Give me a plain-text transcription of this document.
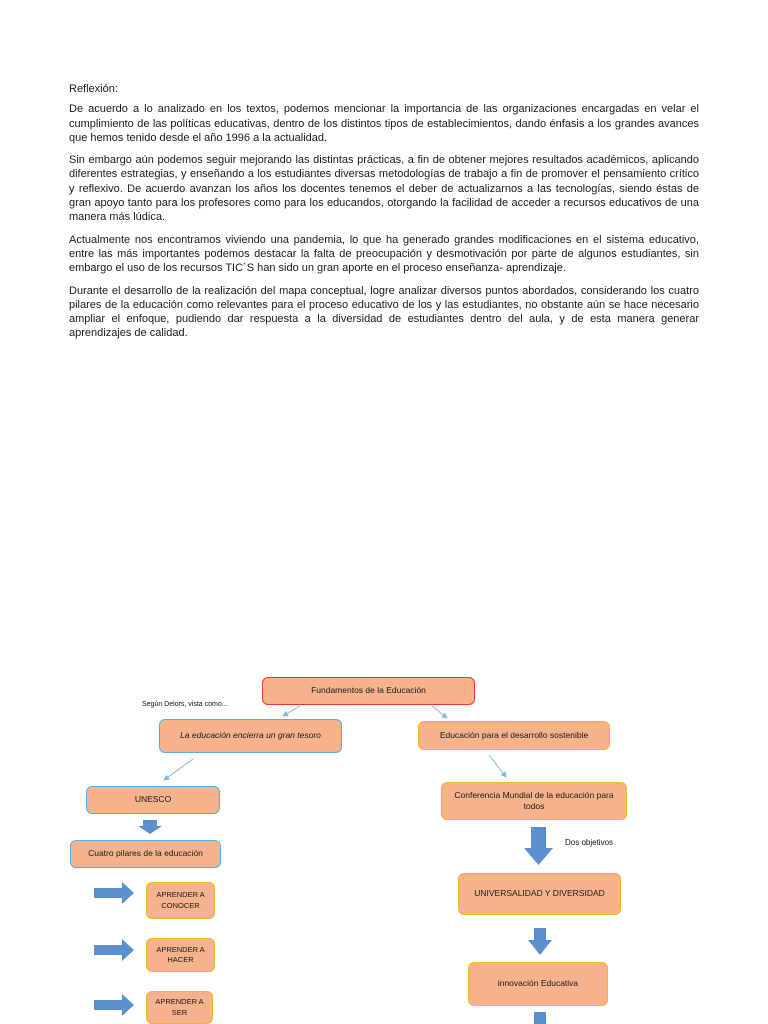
Reflexión:

De acuerdo a lo analizado en los textos, podemos mencionar la importancia de las organizaciones encargadas en velar el cumplimiento de las políticas educativas, dentro de los distintos tipos de establecimientos, dando énfasis a los grandes avances que hemos tenido desde el año 1996 a la actualidad.

Sin embargo aún podemos seguir mejorando las distintas prácticas, a fin de obtener mejores resultados académicos, aplicando diferentes estrategias, y enseñando a los estudiantes diversas metodologías de trabajo a fin de promover el pensamiento crítico y reflexivo. De acuerdo avanzan los años los docentes tenemos el deber de actualizarnos a las tecnologías, siendo éstas de gran apoyo tanto para los profesores como para los educandos, otorgando la facilidad de acceder a recursos educativos de una manera más lúdica.

Actualmente nos encontramos viviendo una pandemia, lo que ha generado grandes modificaciones en el sistema educativo, entre las más importantes podemos destacar la falta de preocupación y desmotivación por parte de algunos estudiantes, sin embargo el uso de los recursos TIC´S han sido un gran aporte en el proceso enseñanza- aprendizaje.

Durante el desarrollo de la realización del mapa conceptual, logre analizar diversos puntos abordados, considerando los cuatro pilares de la educación como relevantes para el proceso educativo de los y las estudiantes, no obstante aún se hace necesario ampliar el enfoque, pudiendo dar respuesta a la diversidad de estudiantes dentro del aula, y de esta manera generar aprendizajes de calidad.

Fundamentos de la Educación
Según Delors, vista como...
La educación encierra un gran tesoro	Educación para el desarrollo sostenible
UNESCO	Conferencia Mundial de la educación para todos
Cuatro pilares de la educación
Dos objetivos
APRENDER A CONOCER
UNIVERSALIDAD Y DIVERSIDAD
APRENDER A HACER
innovación Educativa
APRENDER A SER
